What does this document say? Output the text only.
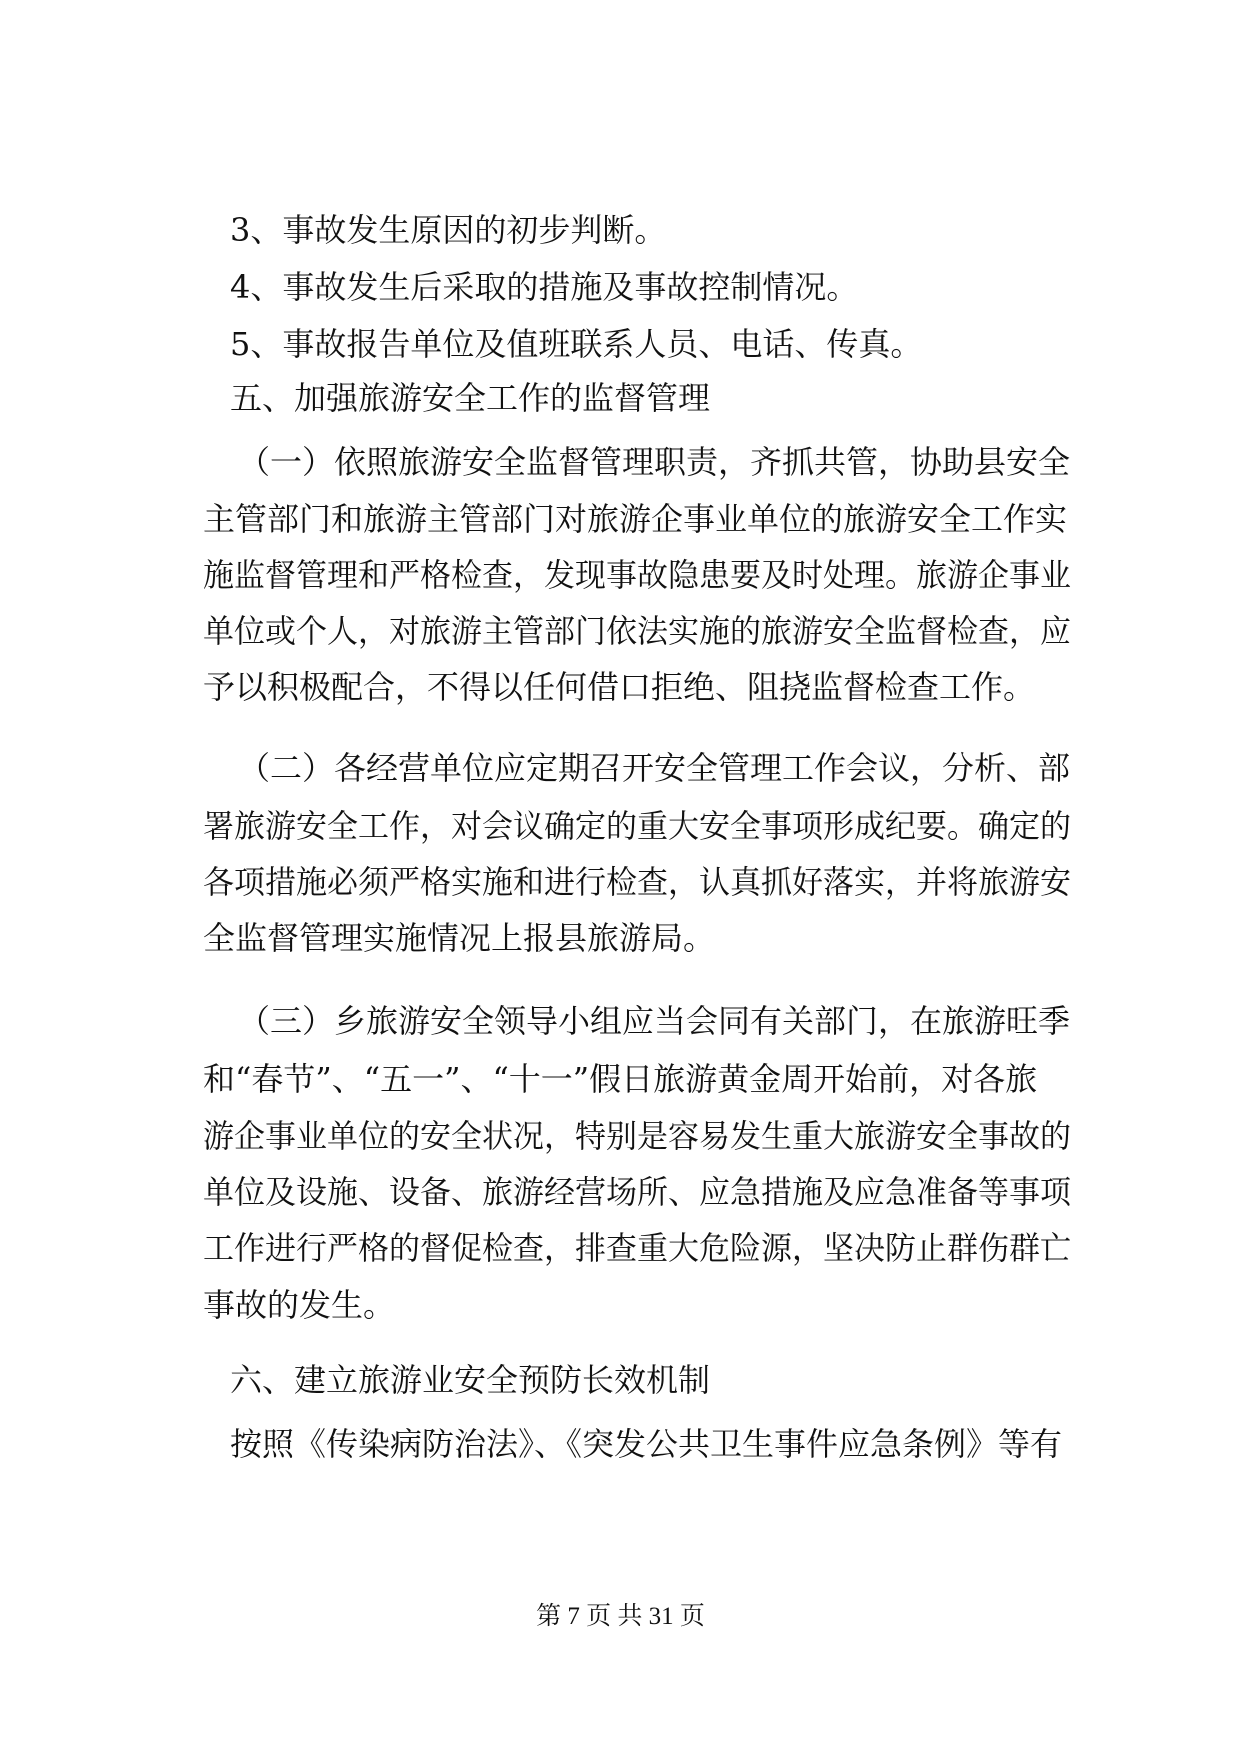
3、事故发生原因的初步判断。
4、事故发生后采取的措施及事故控制情况。
5、事故报告单位及值班联系人员、电话、传真。
五、加强旅游安全工作的监督管理
（一）依照旅游安全监督管理职责，齐抓共管，协助县安全
主管部门和旅游主管部门对旅游企事业单位的旅游安全工作实
施监督管理和严格检查，发现事故隐患要及时处理。旅游企事业
单位或个人，对旅游主管部门依法实施的旅游安全监督检查，应
予以积极配合，不得以任何借口拒绝、阻挠监督检查工作。
（二）各经营单位应定期召开安全管理工作会议，分析、部
署旅游安全工作，对会议确定的重大安全事项形成纪要。确定的
各项措施必须严格实施和进行检查，认真抓好落实，并将旅游安
全监督管理实施情况上报县旅游局。
（三）乡旅游安全领导小组应当会同有关部门，在旅游旺季
和“春节”、“五一”、“十一”假日旅游黄金周开始前，对各旅
游企事业单位的安全状况，特别是容易发生重大旅游安全事故的
单位及设施、设备、旅游经营场所、应急措施及应急准备等事项
工作进行严格的督促检查，排查重大危险源，坚决防止群伤群亡
事故的发生。
六、建立旅游业安全预防长效机制
按照《传染病防治法》、《突发公共卫生事件应急条例》等有
第 7 页 共 31 页
